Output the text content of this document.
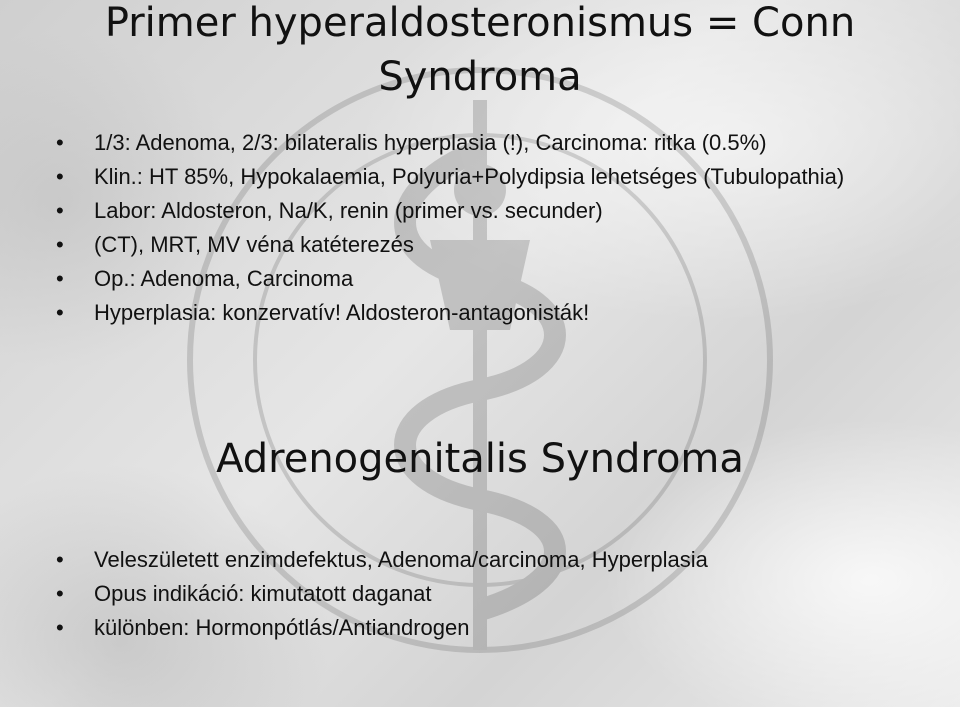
Primer hyperaldosteronismus = Conn Syndroma
• 1/3: Adenoma, 2/3: bilateralis hyperplasia (!), Carcinoma: ritka (0.5%)
• Klin.: HT 85%, Hypokalaemia, Polyuria+Polydipsia lehetséges (Tubulopathia)
• Labor: Aldosteron, Na/K, renin (primer vs. secunder)
• (CT), MRT, MV véna katéterezés
• Op.: Adenoma, Carcinoma
• Hyperplasia: konzervatív! Aldosteron-antagonisták!
Adrenogenitalis Syndroma
• Veleszületett enzimdefektus, Adenoma/carcinoma, Hyperplasia
• Opus indikáció: kimutatott daganat
• különben: Hormonpótlás/Antiandrogen
